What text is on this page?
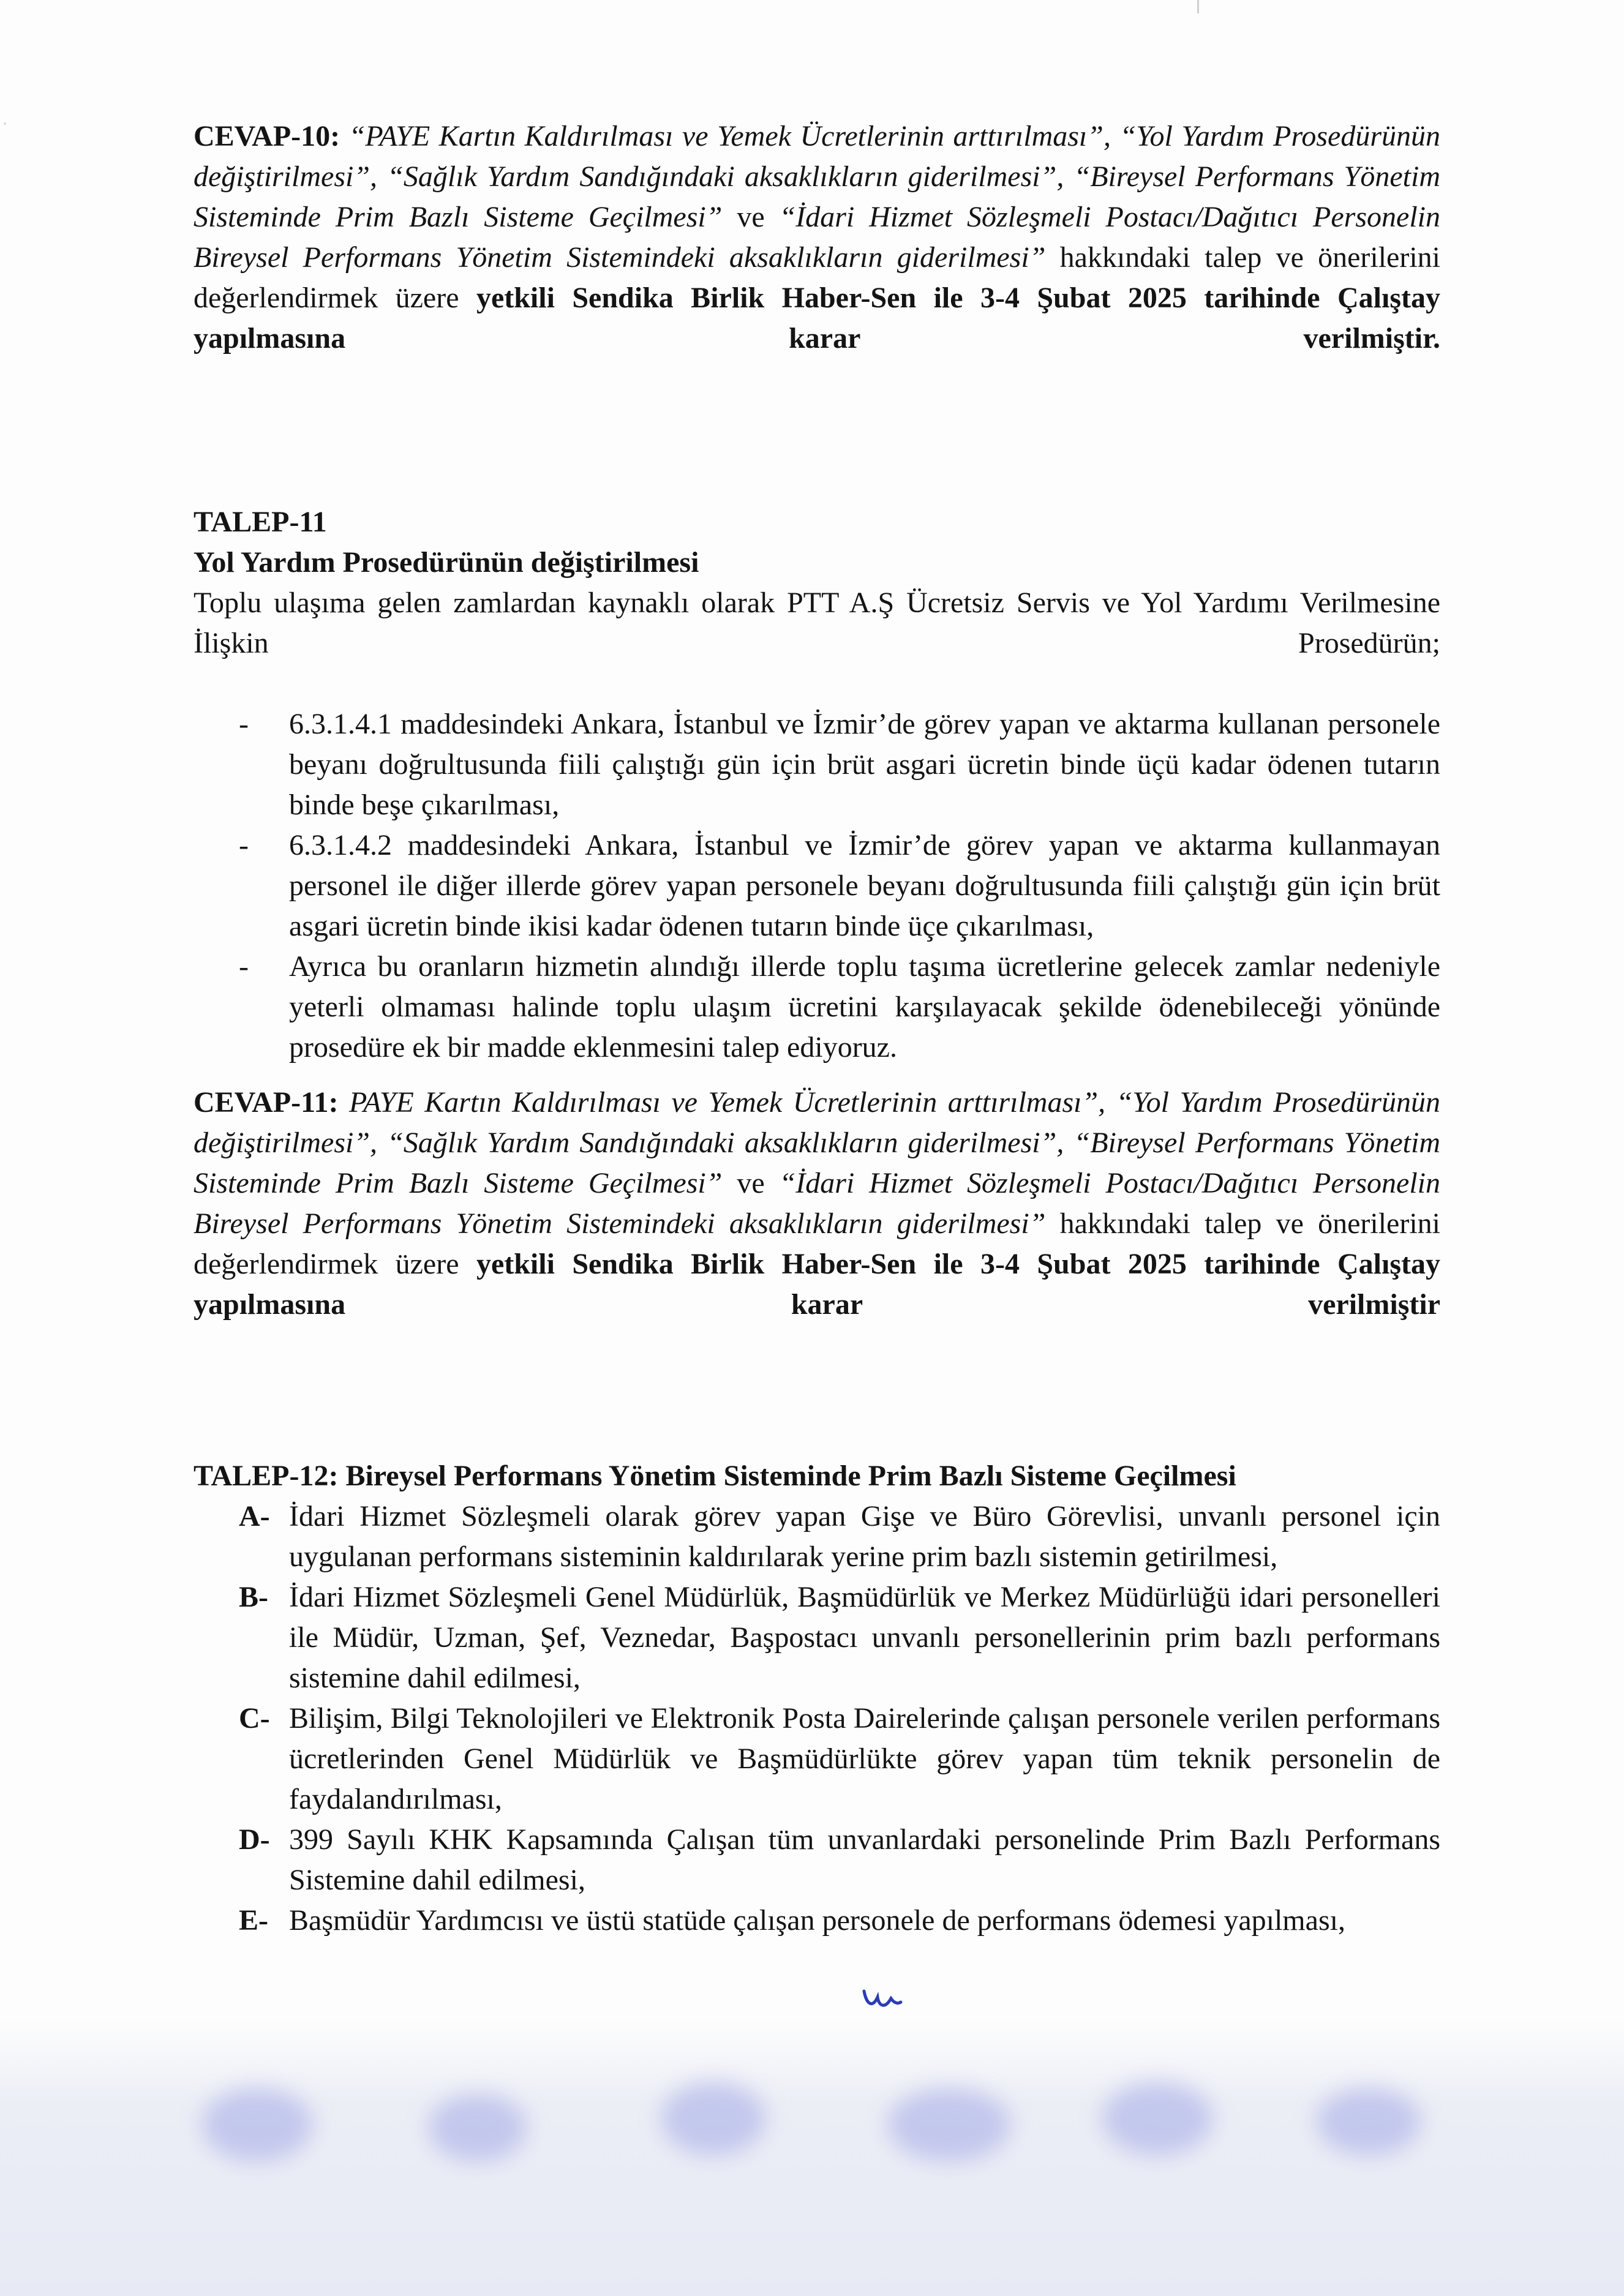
CEVAP-10: “PAYE Kartın Kaldırılması ve Yemek Ücretlerinin arttırılması”, “Yol Yardım Prosedürünün değiştirilmesi”, “Sağlık Yardım Sandığındaki aksaklıkların giderilmesi”, “Bireysel Performans Yönetim Sisteminde Prim Bazlı Sisteme Geçilmesi” ve “İdari Hizmet Sözleşmeli Postacı/Dağıtıcı Personelin Bireysel Performans Yönetim Sistemindeki aksaklıkların giderilmesi” hakkındaki talep ve önerilerini değerlendirmek üzere yetkili Sendika Birlik Haber-Sen ile 3-4 Şubat 2025 tarihinde Çalıştay yapılmasına karar verilmiştir.
TALEP-11
Yol Yardım Prosedürünün değiştirilmesi
Toplu ulaşıma gelen zamlardan kaynaklı olarak PTT A.Ş Ücretsiz Servis ve Yol Yardımı Verilmesine İlişkin Prosedürün;
- 6.3.1.4.1 maddesindeki Ankara, İstanbul ve İzmir’de görev yapan ve aktarma kullanan personele beyanı doğrultusunda fiili çalıştığı gün için brüt asgari ücretin binde üçü kadar ödenen tutarın binde beşe çıkarılması,
- 6.3.1.4.2 maddesindeki Ankara, İstanbul ve İzmir’de görev yapan ve aktarma kullanmayan personel ile diğer illerde görev yapan personele beyanı doğrultusunda fiili çalıştığı gün için brüt asgari ücretin binde ikisi kadar ödenen tutarın binde üçe çıkarılması,
- Ayrıca bu oranların hizmetin alındığı illerde toplu taşıma ücretlerine gelecek zamlar nedeniyle yeterli olmaması halinde toplu ulaşım ücretini karşılayacak şekilde ödenebileceği yönünde prosedüre ek bir madde eklenmesini talep ediyoruz.
CEVAP-11: PAYE Kartın Kaldırılması ve Yemek Ücretlerinin arttırılması”, “Yol Yardım Prosedürünün değiştirilmesi”, “Sağlık Yardım Sandığındaki aksaklıkların giderilmesi”, “Bireysel Performans Yönetim Sisteminde Prim Bazlı Sisteme Geçilmesi” ve “İdari Hizmet Sözleşmeli Postacı/Dağıtıcı Personelin Bireysel Performans Yönetim Sistemindeki aksaklıkların giderilmesi” hakkındaki talep ve önerilerini değerlendirmek üzere yetkili Sendika Birlik Haber-Sen ile 3-4 Şubat 2025 tarihinde Çalıştay yapılmasına karar verilmiştir
TALEP-12: Bireysel Performans Yönetim Sisteminde Prim Bazlı Sisteme Geçilmesi
A- İdari Hizmet Sözleşmeli olarak görev yapan Gişe ve Büro Görevlisi, unvanlı personel için uygulanan performans sisteminin kaldırılarak yerine prim bazlı sistemin getirilmesi,
B- İdari Hizmet Sözleşmeli Genel Müdürlük, Başmüdürlük ve Merkez Müdürlüğü idari personelleri ile Müdür, Uzman, Şef, Veznedar, Başpostacı unvanlı personellerinin prim bazlı performans sistemine dahil edilmesi,
C- Bilişim, Bilgi Teknolojileri ve Elektronik Posta Dairelerinde çalışan personele verilen performans ücretlerinden Genel Müdürlük ve Başmüdürlükte görev yapan tüm teknik personelin de faydalandırılması,
D- 399 Sayılı KHK Kapsamında Çalışan tüm unvanlardaki personelinde Prim Bazlı Performans Sistemine dahil edilmesi,
E- Başmüdür Yardımcısı ve üstü statüde çalışan personele de performans ödemesi yapılması,
